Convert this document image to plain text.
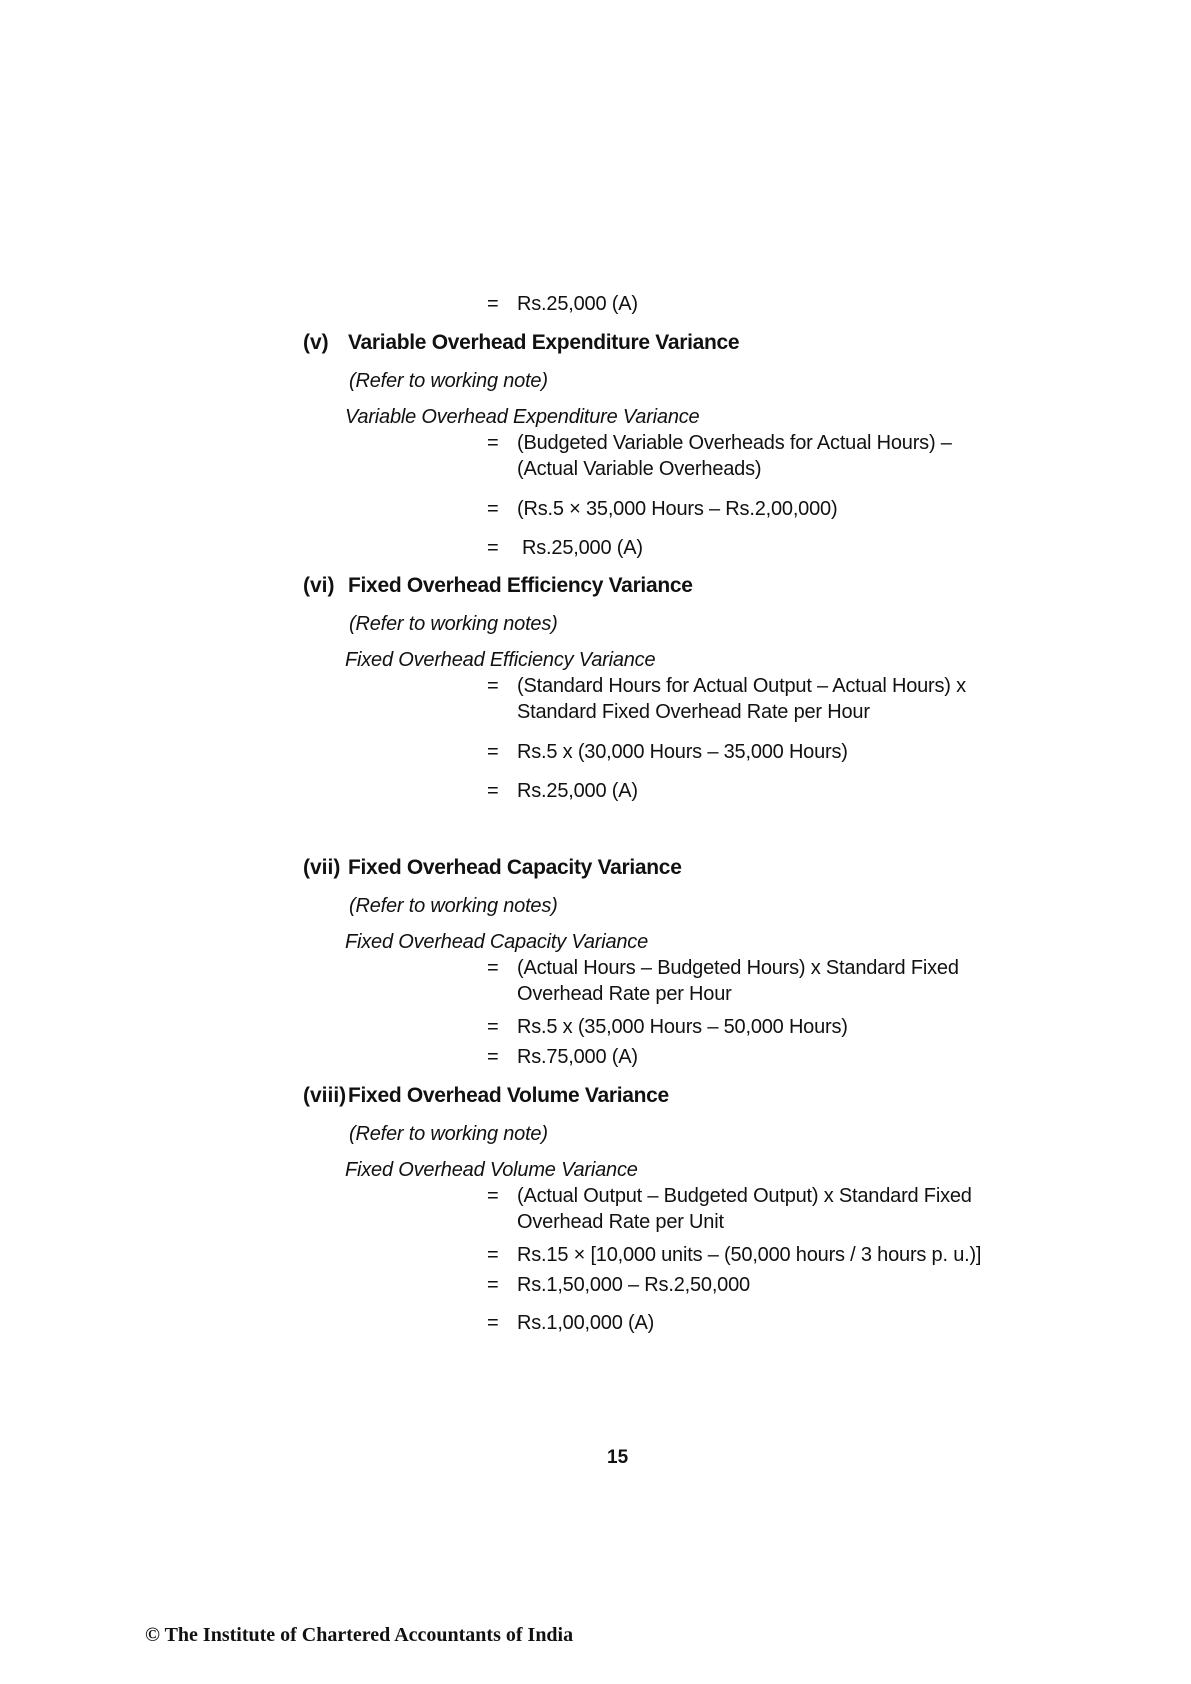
= Rs.25,000 (A)
(v) Variable Overhead Expenditure Variance
(Refer to working note)
Variable Overhead Expenditure Variance
= (Budgeted Variable Overheads for Actual Hours) –
(Actual Variable Overheads)
= (Rs.5 × 35,000 Hours – Rs.2,00,000)
= Rs.25,000 (A)
(vi) Fixed Overhead Efficiency Variance
(Refer to working notes)
Fixed Overhead Efficiency Variance
= (Standard Hours for Actual Output – Actual Hours) x
Standard Fixed Overhead Rate per Hour
= Rs.5 x (30,000 Hours – 35,000 Hours)
= Rs.25,000 (A)
(vii) Fixed Overhead Capacity Variance
(Refer to working notes)
Fixed Overhead Capacity Variance
= (Actual Hours – Budgeted Hours) x Standard Fixed
Overhead Rate per Hour
= Rs.5 x (35,000 Hours – 50,000 Hours)
= Rs.75,000 (A)
(viii) Fixed Overhead Volume Variance
(Refer to working note)
Fixed Overhead Volume Variance
= (Actual Output – Budgeted Output) x Standard Fixed
Overhead Rate per Unit
= Rs.15 × [10,000 units – (50,000 hours / 3 hours p. u.)]
= Rs.1,50,000 – Rs.2,50,000
= Rs.1,00,000 (A)
15
© The Institute of Chartered Accountants of India
